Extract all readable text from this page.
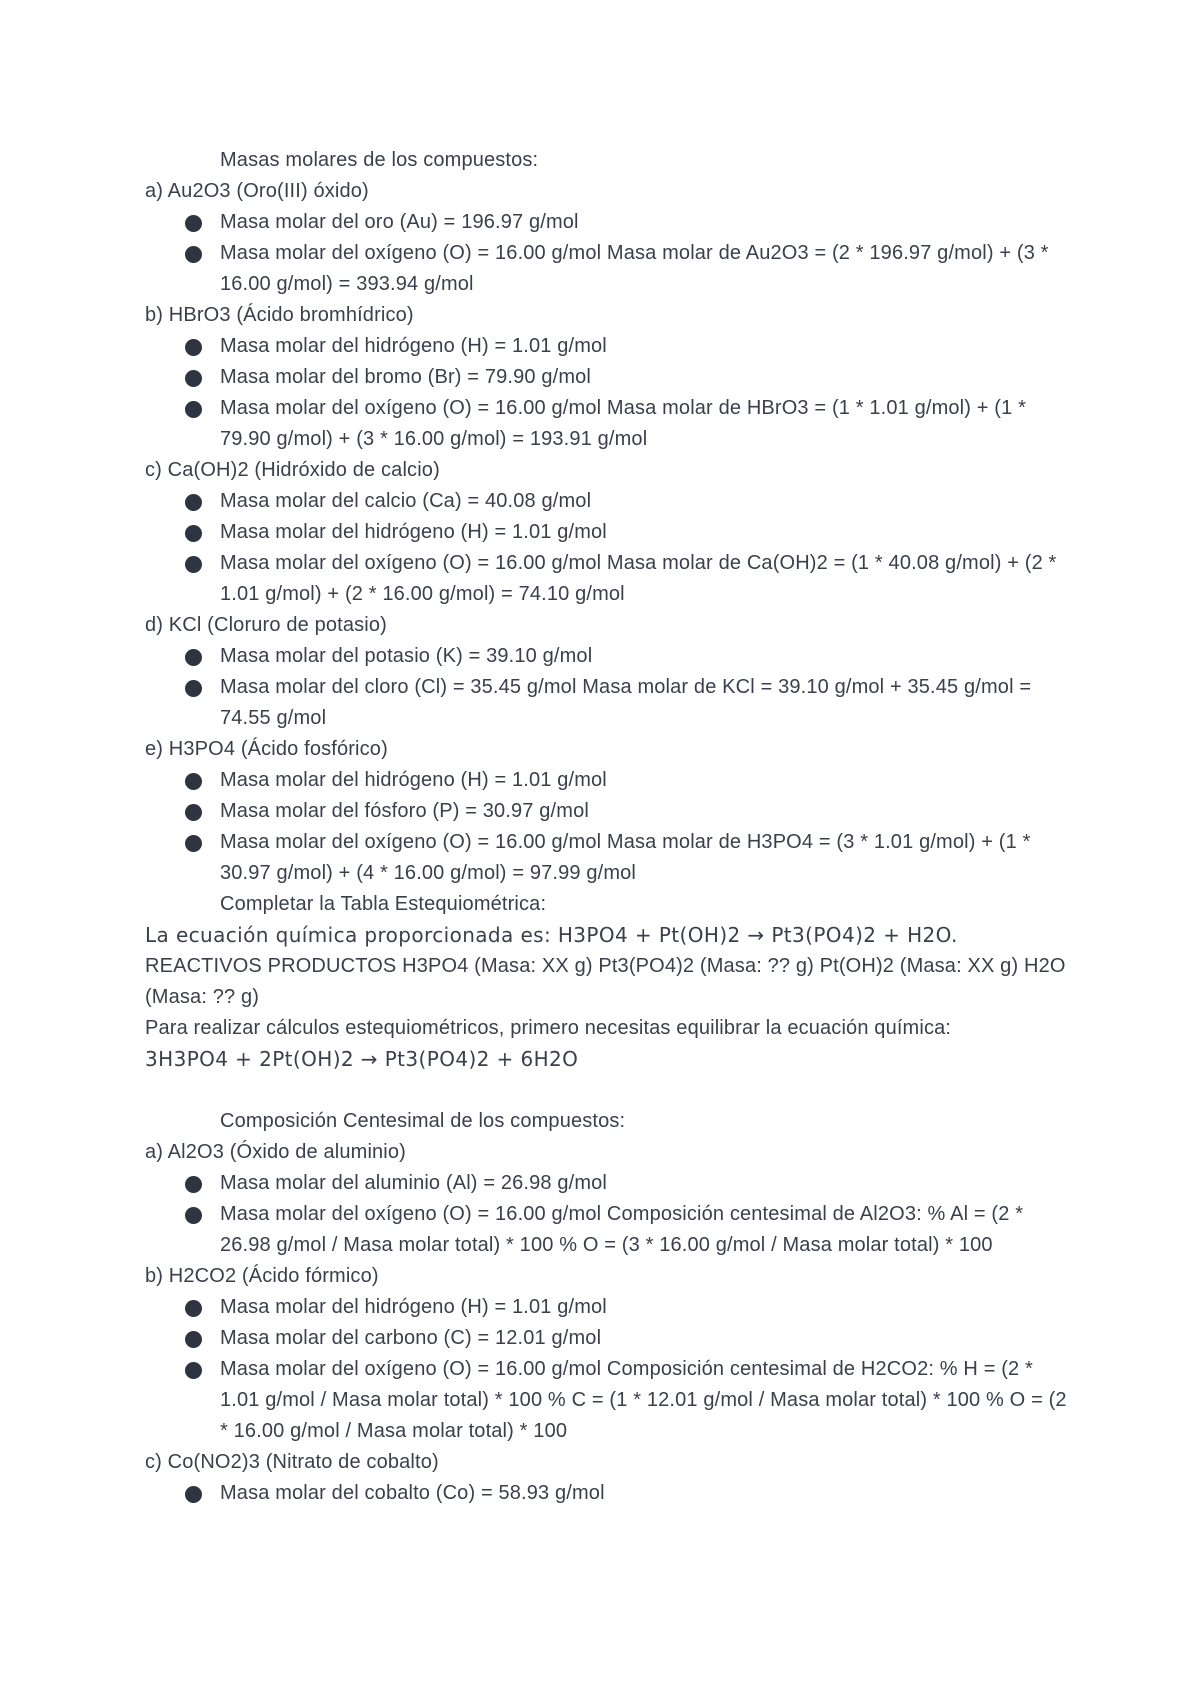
Masas molares de los compuestos:

a) Au2O3 (Oro(III) óxido)

Masa molar del oro (Au) = 196.97 g/mol
Masa molar del oxígeno (O) = 16.00 g/mol Masa molar de Au2O3 = (2 * 196.97 g/mol) + (3 * 16.00 g/mol) = 393.94 g/mol

b) HBrO3 (Ácido bromhídrico)

Masa molar del hidrógeno (H) = 1.01 g/mol
Masa molar del bromo (Br) = 79.90 g/mol
Masa molar del oxígeno (O) = 16.00 g/mol Masa molar de HBrO3 = (1 * 1.01 g/mol) + (1 * 79.90 g/mol) + (3 * 16.00 g/mol) = 193.91 g/mol

c) Ca(OH)2 (Hidróxido de calcio)

Masa molar del calcio (Ca) = 40.08 g/mol
Masa molar del hidrógeno (H) = 1.01 g/mol
Masa molar del oxígeno (O) = 16.00 g/mol Masa molar de Ca(OH)2 = (1 * 40.08 g/mol) + (2 * 1.01 g/mol) + (2 * 16.00 g/mol) = 74.10 g/mol

d) KCl (Cloruro de potasio)

Masa molar del potasio (K) = 39.10 g/mol
Masa molar del cloro (Cl) = 35.45 g/mol Masa molar de KCl = 39.10 g/mol + 35.45 g/mol = 74.55 g/mol

e) H3PO4 (Ácido fosfórico)

Masa molar del hidrógeno (H) = 1.01 g/mol
Masa molar del fósforo (P) = 30.97 g/mol
Masa molar del oxígeno (O) = 16.00 g/mol Masa molar de H3PO4 = (3 * 1.01 g/mol) + (1 * 30.97 g/mol) + (4 * 16.00 g/mol) = 97.99 g/mol

Completar la Tabla Estequiométrica:

La ecuación química proporcionada es: H3PO4 + Pt(OH)2 → Pt3(PO4)2 + H2O.

REACTIVOS PRODUCTOS H3PO4 (Masa: XX g) Pt3(PO4)2 (Masa: ?? g) Pt(OH)2 (Masa: XX g) H2O (Masa: ?? g)

Para realizar cálculos estequiométricos, primero necesitas equilibrar la ecuación química:

3H3PO4 + 2Pt(OH)2 → Pt3(PO4)2 + 6H2O

Composición Centesimal de los compuestos:

a) Al2O3 (Óxido de aluminio)

Masa molar del aluminio (Al) = 26.98 g/mol
Masa molar del oxígeno (O) = 16.00 g/mol Composición centesimal de Al2O3: % Al = (2 * 26.98 g/mol / Masa molar total) * 100 % O = (3 * 16.00 g/mol / Masa molar total) * 100

b) H2CO2 (Ácido fórmico)

Masa molar del hidrógeno (H) = 1.01 g/mol
Masa molar del carbono (C) = 12.01 g/mol
Masa molar del oxígeno (O) = 16.00 g/mol Composición centesimal de H2CO2: % H = (2 * 1.01 g/mol / Masa molar total) * 100 % C = (1 * 12.01 g/mol / Masa molar total) * 100 % O = (2 * 16.00 g/mol / Masa molar total) * 100

c) Co(NO2)3 (Nitrato de cobalto)

Masa molar del cobalto (Co) = 58.93 g/mol
